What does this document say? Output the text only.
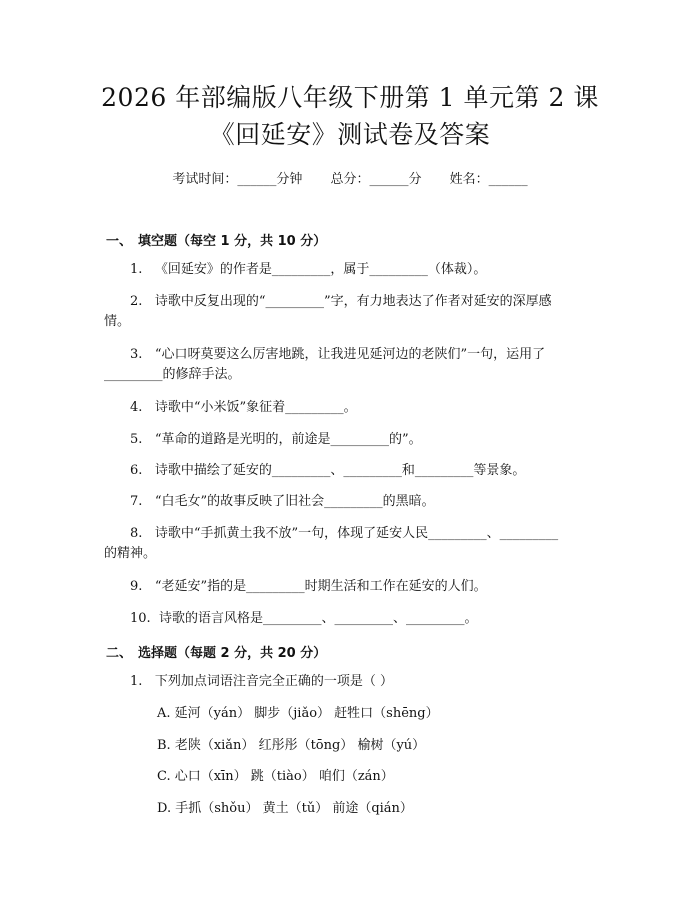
2026 年部编版八年级下册第 1 单元第 2 课
《回延安》测试卷及答案
考试时间：______分钟 总分：______分 姓名：______
一、 填空题（每空 1 分，共 10 分）
1. 《回延安》的作者是_________，属于_________（体裁）。
2. 诗歌中反复出现的“_________”字，有力地表达了作者对延安的深厚感
情。
3. “心口呀莫要这么厉害地跳，让我进见延河边的老陕们”一句，运用了
_________的修辞手法。
4. 诗歌中“小米饭”象征着_________。
5. “革命的道路是光明的，前途是_________的”。
6. 诗歌中描绘了延安的_________、_________和_________等景象。
7. “白毛女”的故事反映了旧社会_________的黑暗。
8. 诗歌中“手抓黄土我不放”一句，体现了延安人民_________、_________
的精神。
9. “老延安”指的是_________时期生活和工作在延安的人们。
10. 诗歌的语言风格是_________、_________、_________。
二、 选择题（每题 2 分，共 20 分）
1. 下列加点词语注音完全正确的一项是（ ）
A. 延河（yán） 脚步（jiǎo） 赶牲口（shēng）
B. 老陕（xiǎn） 红彤彤（tōng） 榆树（yú）
C. 心口（xīn） 跳（tiào） 咱们（zán）
D. 手抓（shǒu） 黄土（tǔ） 前途（qián）
